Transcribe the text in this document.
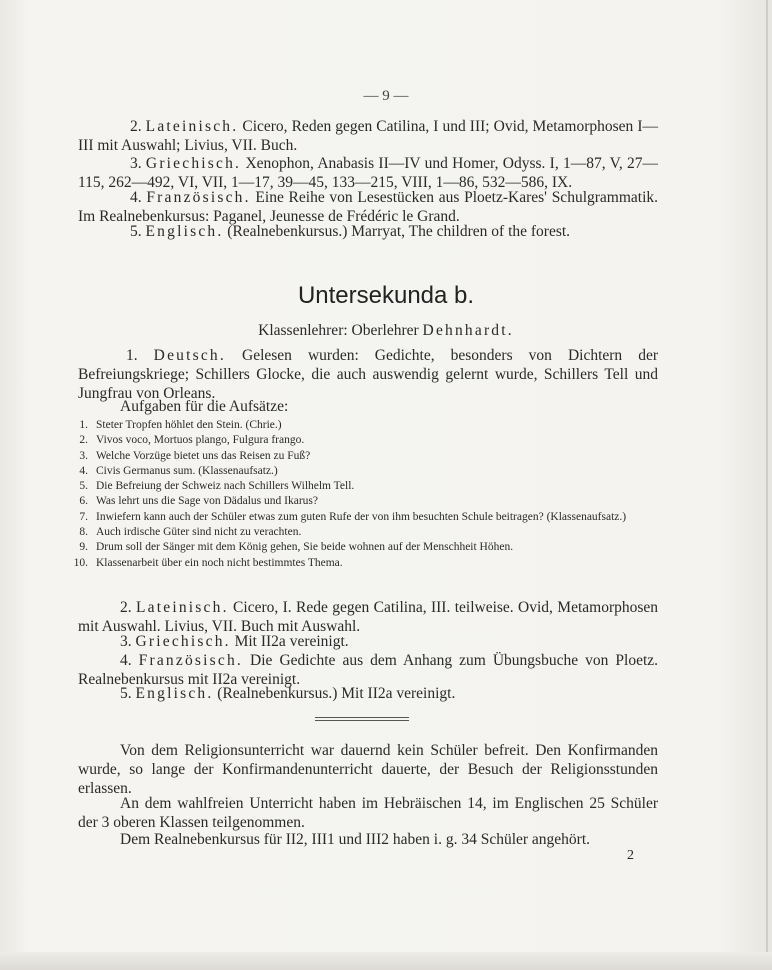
— 9 —

2. Lateinisch. Cicero, Reden gegen Catilina, I und III; Ovid, Metamorphosen I—III mit Auswahl; Livius, VII. Buch.

3. Griechisch. Xenophon, Anabasis II—IV und Homer, Odyss. I, 1—87, V, 27—115, 262—492, VI, VII, 1—17, 39—45, 133—215, VIII, 1—86, 532—586, IX.

4. Französisch. Eine Reihe von Lesestücken aus Ploetz-Kares' Schulgrammatik. Im Realnebenkursus: Paganel, Jeunesse de Frédéric le Grand.

5. Englisch. (Realnebenkursus.) Marryat, The children of the forest.

Untersekunda b.

Klassenlehrer: Oberlehrer Dehnhardt.

1. Deutsch. Gelesen wurden: Gedichte, besonders von Dichtern der Befreiungskriege; Schillers Glocke, die auch auswendig gelernt wurde, Schillers Tell und Jungfrau von Orleans.

Aufgaben für die Aufsätze:

1. Steter Tropfen höhlet den Stein. (Chrie.)
2. Vivos voco, Mortuos plango, Fulgura frango.
3. Welche Vorzüge bietet uns das Reisen zu Fuß?
4. Civis Germanus sum. (Klassenaufsatz.)
5. Die Befreiung der Schweiz nach Schillers Wilhelm Tell.
6. Was lehrt uns die Sage von Dädalus und Ikarus?
7. Inwiefern kann auch der Schüler etwas zum guten Rufe der von ihm besuchten Schule beitragen? (Klassenaufsatz.)
8. Auch irdische Güter sind nicht zu verachten.
9. Drum soll der Sänger mit dem König gehen, Sie beide wohnen auf der Menschheit Höhen.
10. Klassenarbeit über ein noch nicht bestimmtes Thema.

2. Lateinisch. Cicero, I. Rede gegen Catilina, III. teilweise. Ovid, Metamorphosen mit Auswahl. Livius, VII. Buch mit Auswahl.

3. Griechisch. Mit II2a vereinigt.

4. Französisch. Die Gedichte aus dem Anhang zum Übungsbuche von Ploetz. Realnebenkursus mit II2a vereinigt.

5. Englisch. (Realnebenkursus.) Mit II2a vereinigt.

Von dem Religionsunterricht war dauernd kein Schüler befreit. Den Konfirmanden wurde, so lange der Konfirmandenunterricht dauerte, der Besuch der Religionsstunden erlassen.

An dem wahlfreien Unterricht haben im Hebräischen 14, im Englischen 25 Schüler der 3 oberen Klassen teilgenommen.

Dem Realnebenkursus für II2, III1 und III2 haben i. g. 34 Schüler angehört.

2
